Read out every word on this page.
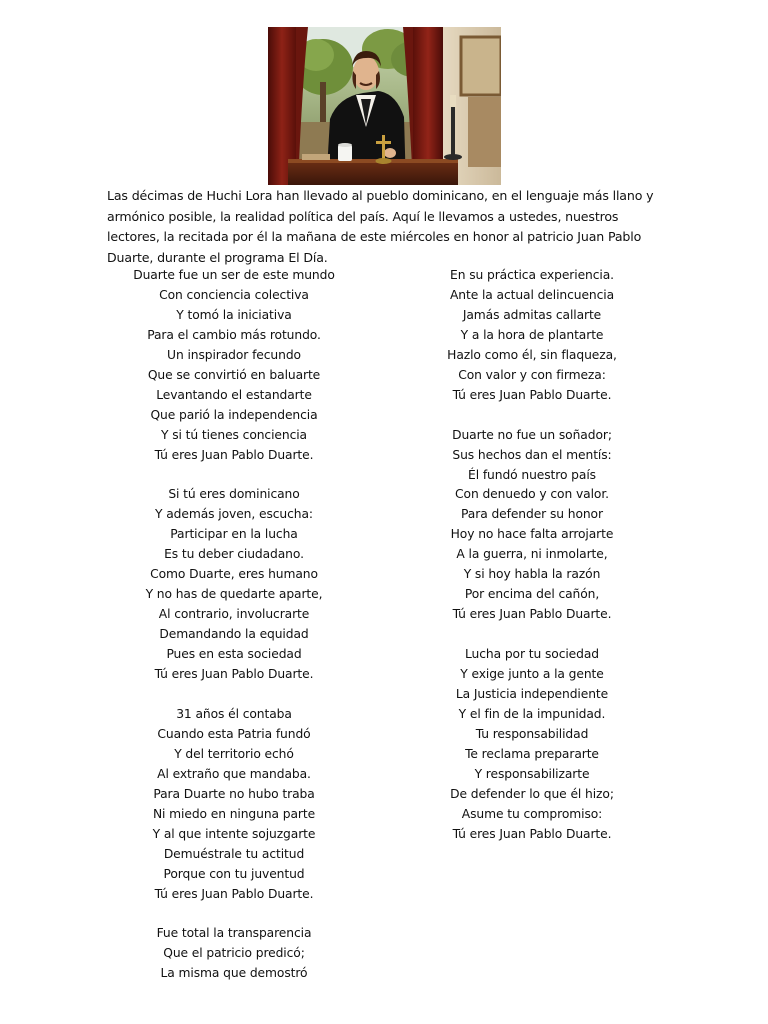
Las décimas de Huchi Lora han llevado al pueblo dominicano, en el lenguaje más llano y armónico posible, la realidad política del país. Aquí le llevamos a ustedes, nuestros lectores, la recitada por él la mañana de este miércoles en honor al patricio Juan Pablo Duarte, durante el programa El Día.

Duarte fue un ser de este mundo
Con conciencia colectiva
Y tomó la iniciativa
Para el cambio más rotundo.
Un inspirador fecundo
Que se convirtió en baluarte
Levantando el estandarte
Que parió la independencia
Y si tú tienes conciencia
Tú eres Juan Pablo Duarte.
Si tú eres dominicano
Y además joven, escucha:
Participar en la lucha
Es tu deber ciudadano.
Como Duarte, eres humano
Y no has de quedarte aparte,
Al contrario, involucrarte
Demandando la equidad
Pues en esta sociedad
Tú eres Juan Pablo Duarte.
31 años él contaba
Cuando esta Patria fundó
Y del territorio echó
Al extraño que mandaba.
Para Duarte no hubo traba
Ni miedo en ninguna parte
Y al que intente sojuzgarte
Demuéstrale tu actitud
Porque con tu juventud
Tú eres Juan Pablo Duarte.
Fue total la transparencia
Que el patricio predicó;
La misma que demostró
En su práctica experiencia.
Ante la actual delincuencia
Jamás admitas callarte
Y a la hora de plantarte
Hazlo como él, sin flaqueza,
Con valor y con firmeza:
Tú eres Juan Pablo Duarte.
Duarte no fue un soñador;
Sus hechos dan el mentís:
Él fundó nuestro país
Con denuedo y con valor.
Para defender su honor
Hoy no hace falta arrojarte
A la guerra, ni inmolarte,
Y si hoy habla la razón
Por encima del cañón,
Tú eres Juan Pablo Duarte.
Lucha por tu sociedad
Y exige junto a la gente
La Justicia independiente
Y el fin de la impunidad.
Tu responsabilidad
Te reclama prepararte
Y responsabilizarte
De defender lo que él hizo;
Asume tu compromiso:
Tú eres Juan Pablo Duarte.
